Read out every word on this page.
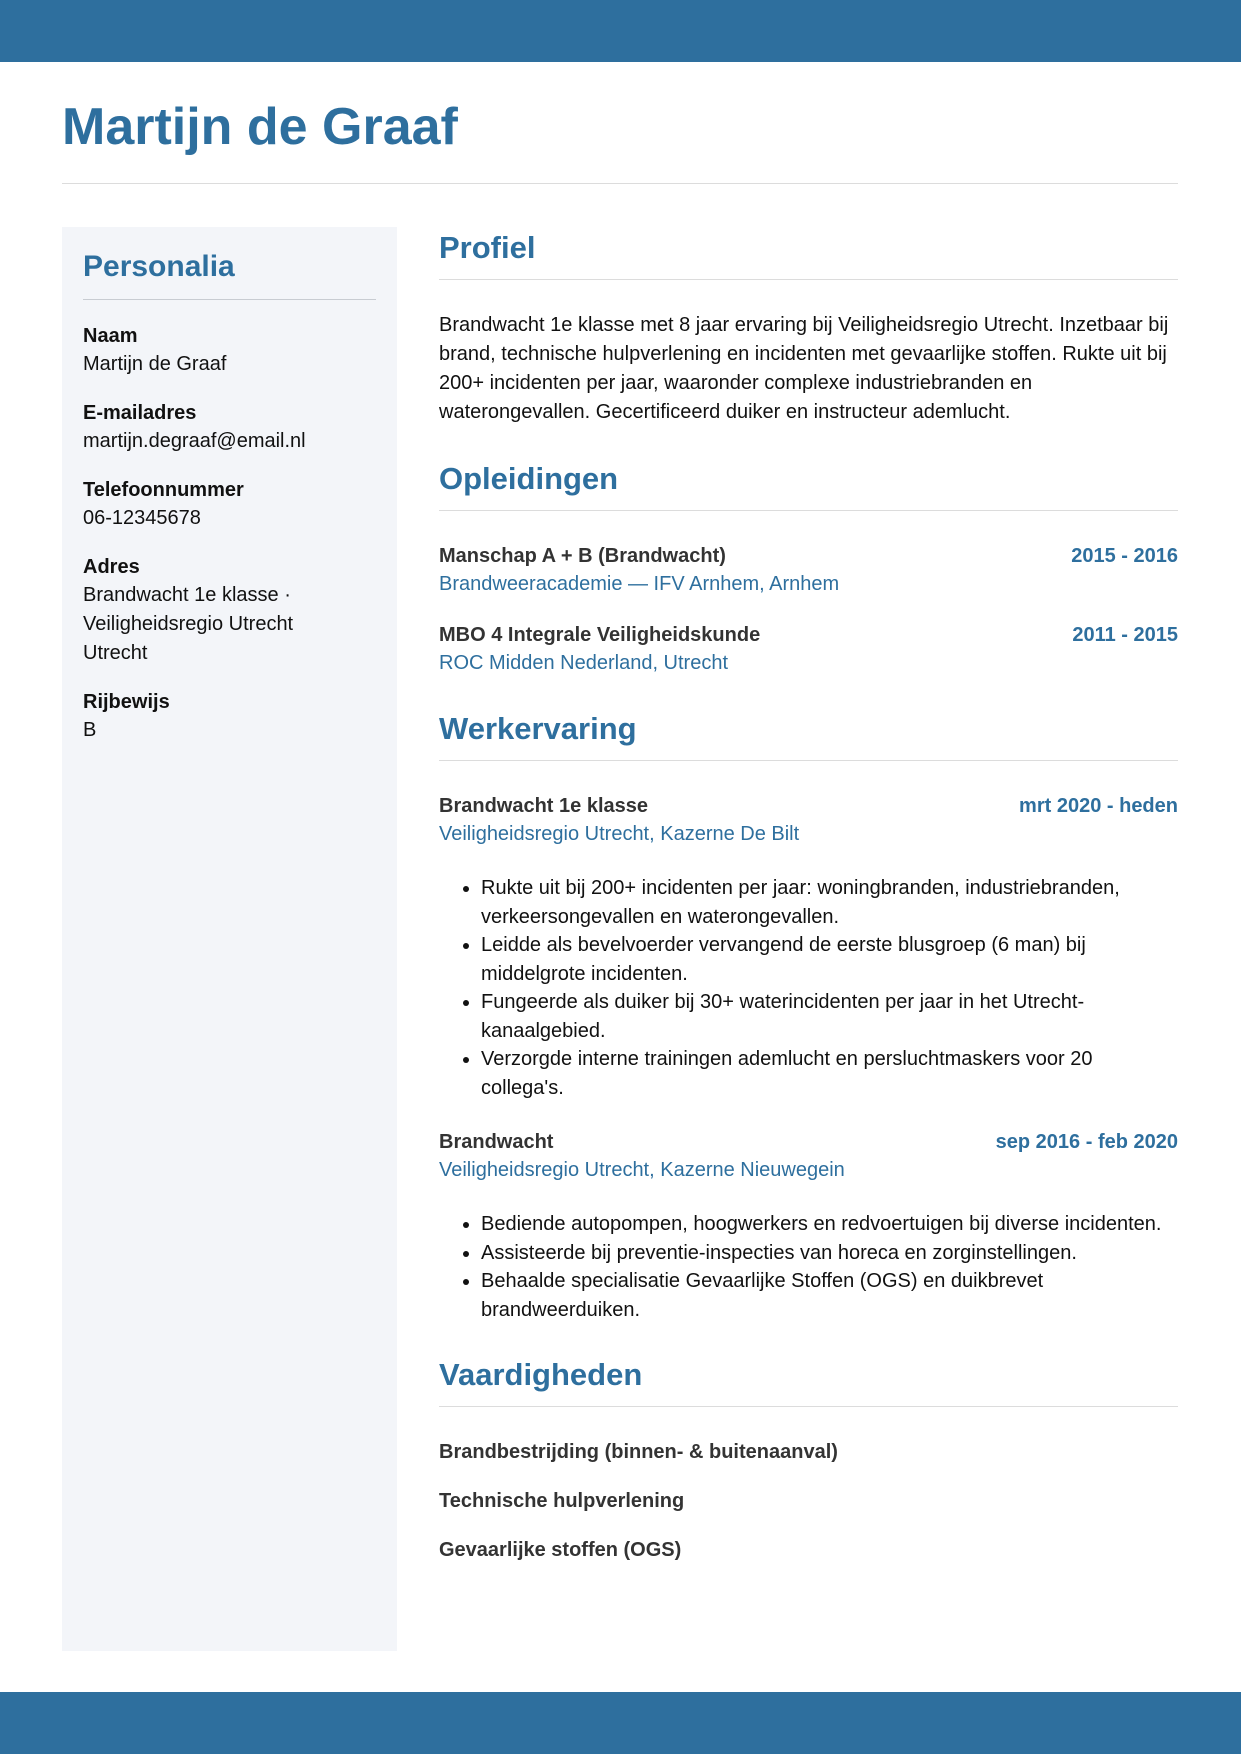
Martijn de Graaf
Personalia
Naam
Martijn de Graaf
E-mailadres
martijn.degraaf@email.nl
Telefoonnummer
06-12345678
Adres
Brandwacht 1e klasse ·
Veiligheidsregio Utrecht
Utrecht
Rijbewijs
B
Profiel

Brandwacht 1e klasse met 8 jaar ervaring bij Veiligheidsregio Utrecht. Inzetbaar bij brand, technische hulpverlening en incidenten met gevaarlijke stoffen. Rukte uit bij 200+ incidenten per jaar, waaronder complexe industriebranden en waterongevallen. Gecertificeerd duiker en instructeur ademlucht.

Opleidingen
Manschap A + B (Brandwacht)	2015 - 2016
Brandweeracademie — IFV Arnhem, Arnhem
MBO 4 Integrale Veiligheidskunde	2011 - 2015
ROC Midden Nederland, Utrecht
Werkervaring
Brandwacht 1e klasse	mrt 2020 - heden
Veiligheidsregio Utrecht, Kazerne De Bilt
• Rukte uit bij 200+ incidenten per jaar: woningbranden, industriebranden, verkeersongevallen en waterongevallen.
• Leidde als bevelvoerder vervangend de eerste blusgroep (6 man) bij middelgrote incidenten.
• Fungeerde als duiker bij 30+ waterincidenten per jaar in het Utrecht-kanaalgebied.
• Verzorgde interne trainingen ademlucht en persluchtmaskers voor 20 collega's.
Brandwacht	sep 2016 - feb 2020
Veiligheidsregio Utrecht, Kazerne Nieuwegein
• Bediende autopompen, hoogwerkers en redvoertuigen bij diverse incidenten.
• Assisteerde bij preventie-inspecties van horeca en zorginstellingen.
• Behaalde specialisatie Gevaarlijke Stoffen (OGS) en duikbrevet brandweerduiken.
Vaardigheden
Brandbestrijding (binnen- & buitenaanval)
Technische hulpverlening
Gevaarlijke stoffen (OGS)
